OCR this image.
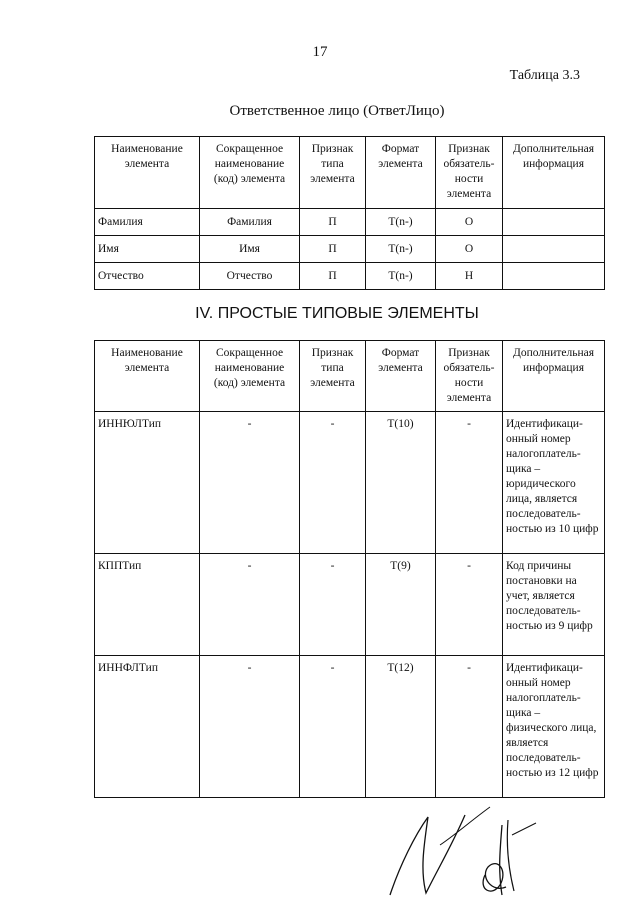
17
Таблица 3.3
Ответственное лицо (ОтветЛицо)
Наименование элемента	Сокращенное наименование (код) элемента	Признак типа элемента	Формат элемента	Признак обязатель-ности элемента	Дополнительная информация
Фамилия	Фамилия	П	T(n-)	О	
Имя	Имя	П	T(n-)	О	
Отчество	Отчество	П	T(n-)	Н	
IV. ПРОСТЫЕ ТИПОВЫЕ ЭЛЕМЕНТЫ
Наименование элемента	Сокращенное наименование (код) элемента	Признак типа элемента	Формат элемента	Признак обязатель-ности элемента	Дополнительная информация
ИННЮЛТип	-	-	T(10)	-	Идентификаци-онный номер налогоплатель-щика – юридического лица, является последователь-ностью из 10 цифр
КППТип	-	-	T(9)	-	Код причины постановки на учет, является последователь-ностью из 9 цифр
ИННФЛТип	-	-	T(12)	-	Идентификаци-онный номер налогоплатель-щика – физического лица, является последователь-ностью из 12 цифр
